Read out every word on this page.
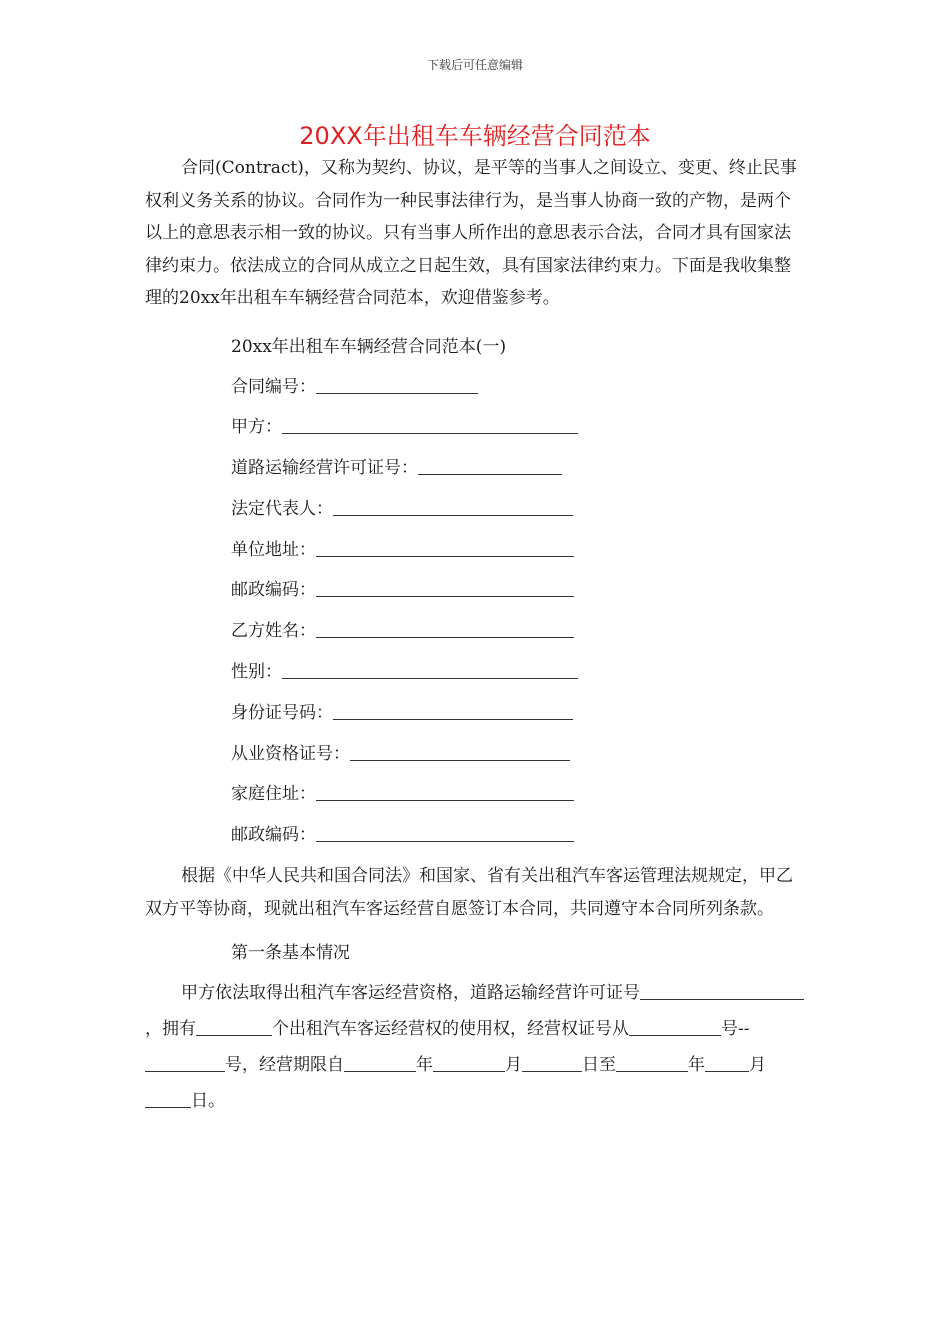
下载后可任意编辑
20XX年出租车车辆经营合同范本

合同(Contract)，又称为契约、协议，是平等的当事人之间设立、变更、终止民事权利义务关系的协议。合同作为一种民事法律行为，是当事人协商一致的产物，是两个以上的意思表示相一致的协议。只有当事人所作出的意思表示合法，合同才具有国家法律约束力。依法成立的合同从成立之日起生效，具有国家法律约束力。下面是我收集整理的20xx年出租车车辆经营合同范本，欢迎借鉴参考。

20xx年出租车车辆经营合同范本(一)
合同编号：
甲方：
道路运输经营许可证号：
法定代表人：
单位地址：
邮政编码：
乙方姓名：
性别：
身份证号码：
从业资格证号：
家庭住址：
邮政编码：

根据《中华人民共和国合同法》和国家、省有关出租汽车客运管理法规规定，甲乙双方平等协商，现就出租汽车客运经营自愿签订本合同，共同遵守本合同所列条款。

第一条基本情况

甲方依法取得出租汽车客运经营资格，道路运输经营许可证号，拥有	个出租汽车客运经营权的使用权，经营权证号从	号--号，经营期限自	年	月	日至	年	月日。
